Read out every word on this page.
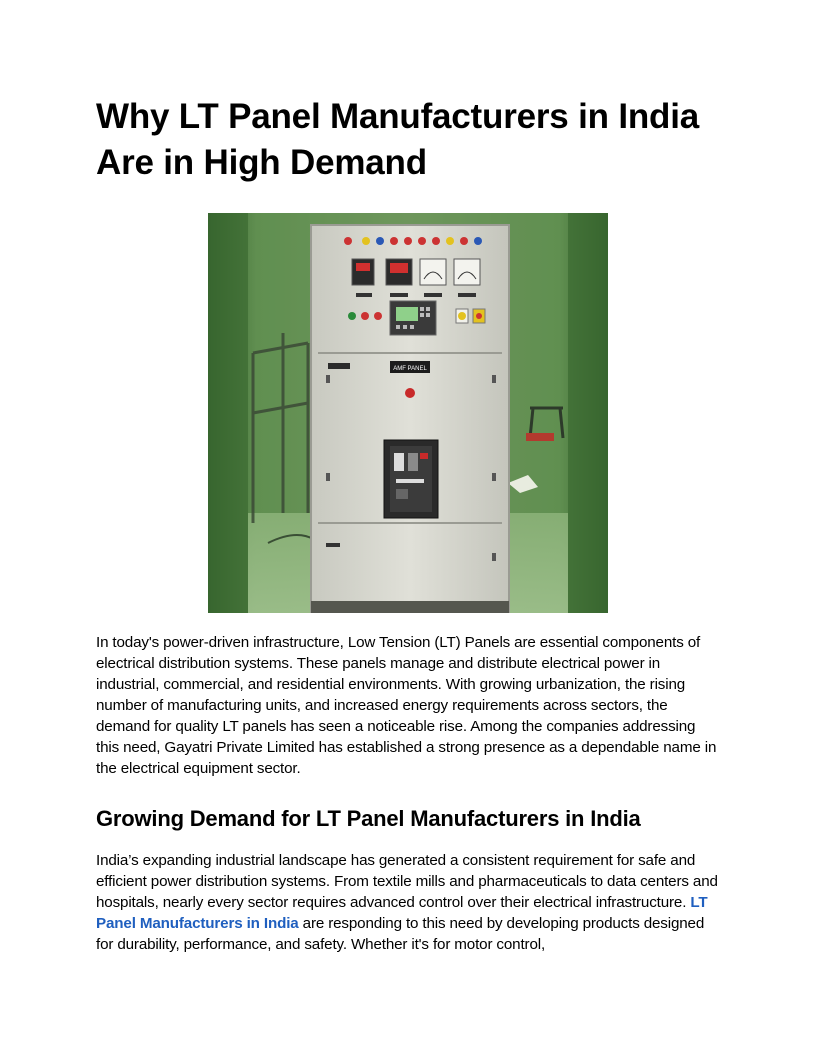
Why LT Panel Manufacturers in India
Are in High Demand
AMF PANEL

In today's power-driven infrastructure, Low Tension (LT) Panels are essential components of electrical distribution systems. These panels manage and distribute electrical power in industrial, commercial, and residential environments. With growing urbanization, the rising number of manufacturing units, and increased energy requirements across sectors, the demand for quality LT panels has seen a noticeable rise. Among the companies addressing this need, Gayatri Private Limited has established a strong presence as a dependable name in the electrical equipment sector.

Growing Demand for LT Panel Manufacturers in India

India’s expanding industrial landscape has generated a consistent requirement for safe and efficient power distribution systems. From textile mills and pharmaceuticals to data centers and hospitals, nearly every sector requires advanced control over their electrical infrastructure. LT Panel Manufacturers in India are responding to this need by developing products designed for durability, performance, and safety. Whether it's for motor control,
